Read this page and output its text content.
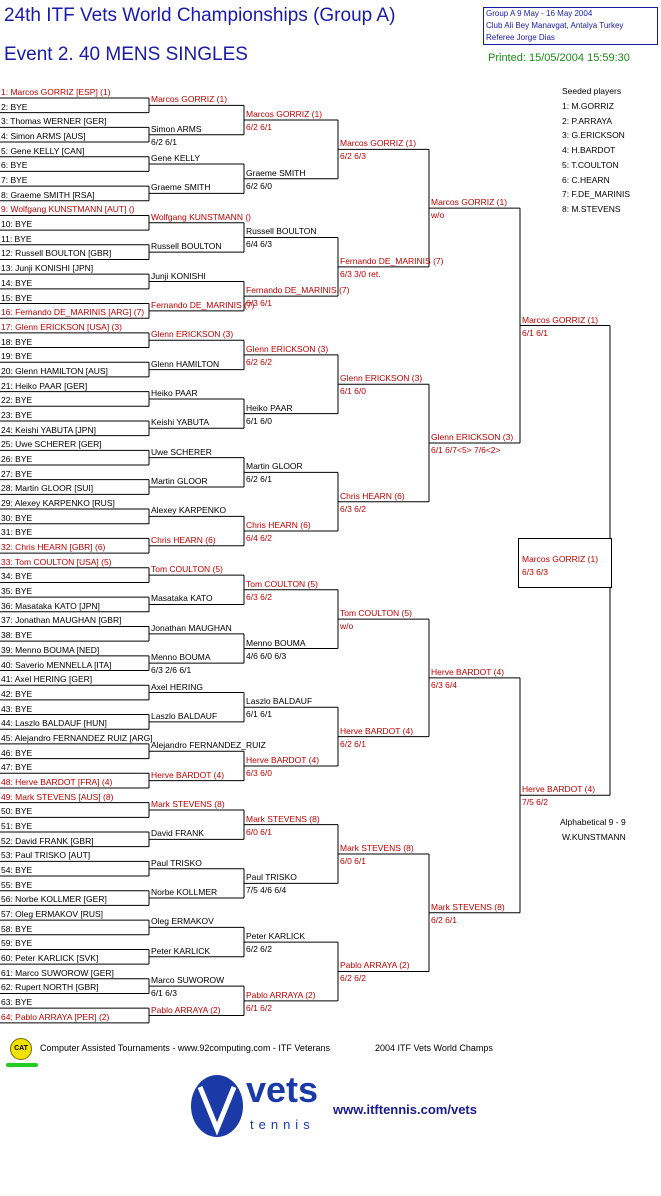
24th ITF Vets World Championships (Group A)
Event 2. 40 MENS SINGLES
Group A 9 May - 16 May 2004
Club Ali Bey Manavgat, Antalya Turkey
Referee Jorge Dias
Printed: 15/05/2004 15:59:30
1: Marcos GORRIZ [ESP] (1)
2: BYE
3: Thomas WERNER [GER]
4: Simon ARMS [AUS]
5: Gene KELLY [CAN]
6: BYE
7: BYE
8: Graeme SMITH [RSA]
9: Wolfgang KUNSTMANN [AUT] ()
10: BYE
11: BYE
12: Russell BOULTON [GBR]
13: Junji KONISHI [JPN]
14: BYE
15: BYE
16: Fernando DE_MARINIS [ARG] (7)
17: Glenn ERICKSON [USA] (3)
18: BYE
19: BYE
20: Glenn HAMILTON [AUS]
21: Heiko PAAR [GER]
22: BYE
23: BYE
24: Keishi YABUTA [JPN]
25: Uwe SCHERER [GER]
26: BYE
27: BYE
28: Martin GLOOR [SUI]
29: Alexey KARPENKO [RUS]
30: BYE
31: BYE
32: Chris HEARN [GBR] (6)
33: Tom COULTON [USA] (5)
34: BYE
35: BYE
36: Masataka KATO [JPN]
37: Jonathan MAUGHAN [GBR]
38: BYE
39: Menno BOUMA [NED]
40: Saverio MENNELLA [ITA]
41: Axel HERING [GER]
42: BYE
43: BYE
44: Laszlo BALDAUF [HUN]
45: Alejandro FERNANDEZ RUIZ [ARG]
46: BYE
47: BYE
48: Herve BARDOT [FRA] (4)
49: Mark STEVENS [AUS] (8)
50: BYE
51: BYE
52: David FRANK [GBR]
53: Paul TRISKO [AUT]
54: BYE
55: BYE
56: Norbe KOLLMER [GER]
57: Oleg ERMAKOV [RUS]
58: BYE
59: BYE
60: Peter KARLICK [SVK]
61: Marco SUWOROW [GER]
62: Rupert NORTH [GBR]
63: BYE
64: Pablo ARRAYA [PER] (2)
Marcos GORRIZ (1)
Simon ARMS
6/2 6/1
Gene KELLY
Graeme SMITH
Wolfgang KUNSTMANN ()
Russell BOULTON
Junji KONISHI
Fernando DE_MARINIS (7)
Glenn ERICKSON (3)
Glenn HAMILTON
Heiko PAAR
Keishi YABUTA
Uwe SCHERER
Martin GLOOR
Alexey KARPENKO
Chris HEARN (6)
Tom COULTON (5)
Masataka KATO
Jonathan MAUGHAN
Menno BOUMA
6/3 2/6 6/1
Axel HERING
Laszlo BALDAUF
Alejandro FERNANDEZ_RUIZ
Herve BARDOT (4)
Mark STEVENS (8)
David FRANK
Paul TRISKO
Norbe KOLLMER
Oleg ERMAKOV
Peter KARLICK
Marco SUWOROW
6/1 6/3
Pablo ARRAYA (2)
Marcos GORRIZ (1)
6/2 6/1
Graeme SMITH
6/2 6/0
Russell BOULTON
6/4 6/3
Fernando DE_MARINIS (7)
6/3 6/1
Glenn ERICKSON (3)
6/2 6/2
Heiko PAAR
6/1 6/0
Martin GLOOR
6/2 6/1
Chris HEARN (6)
6/4 6/2
Tom COULTON (5)
6/3 6/2
Menno BOUMA
4/6 6/0 6/3
Laszlo BALDAUF
6/1 6/1
Herve BARDOT (4)
6/3 6/0
Mark STEVENS (8)
6/0 6/1
Paul TRISKO
7/5 4/6 6/4
Peter KARLICK
6/2 6/2
Pablo ARRAYA (2)
6/1 6/2
Marcos GORRIZ (1)
6/2 6/3
Fernando DE_MARINIS (7)
6/3 3/0 ret.
Glenn ERICKSON (3)
6/1 6/0
Chris HEARN (6)
6/3 6/2
Tom COULTON (5)
w/o
Herve BARDOT (4)
6/2 6/1
Mark STEVENS (8)
6/0 6/1
Pablo ARRAYA (2)
6/2 6/2
Marcos GORRIZ (1)
w/o
Glenn ERICKSON (3)
6/1 6/7<5> 7/6<2>
Herve BARDOT (4)
6/3 6/4
Mark STEVENS (8)
6/2 6/1
Marcos GORRIZ (1)
6/1 6/1
Herve BARDOT (4)
7/5 6/2
Marcos GORRIZ (1)
6/3 6/3
Seeded players
1: M.GORRIZ
2: P.ARRAYA
3: G.ERICKSON
4: H.BARDOT
5: T.COULTON
6: C.HEARN
7: F.DE_MARINIS
8: M.STEVENS
Alphabetical 9 - 9
W.KUNSTMANN
CAT	Computer Assisted Tournaments - www.92computing.com - ITF Veterans	2004 ITF Vets World Champs
vets
tennis
www.itftennis.com/vets
